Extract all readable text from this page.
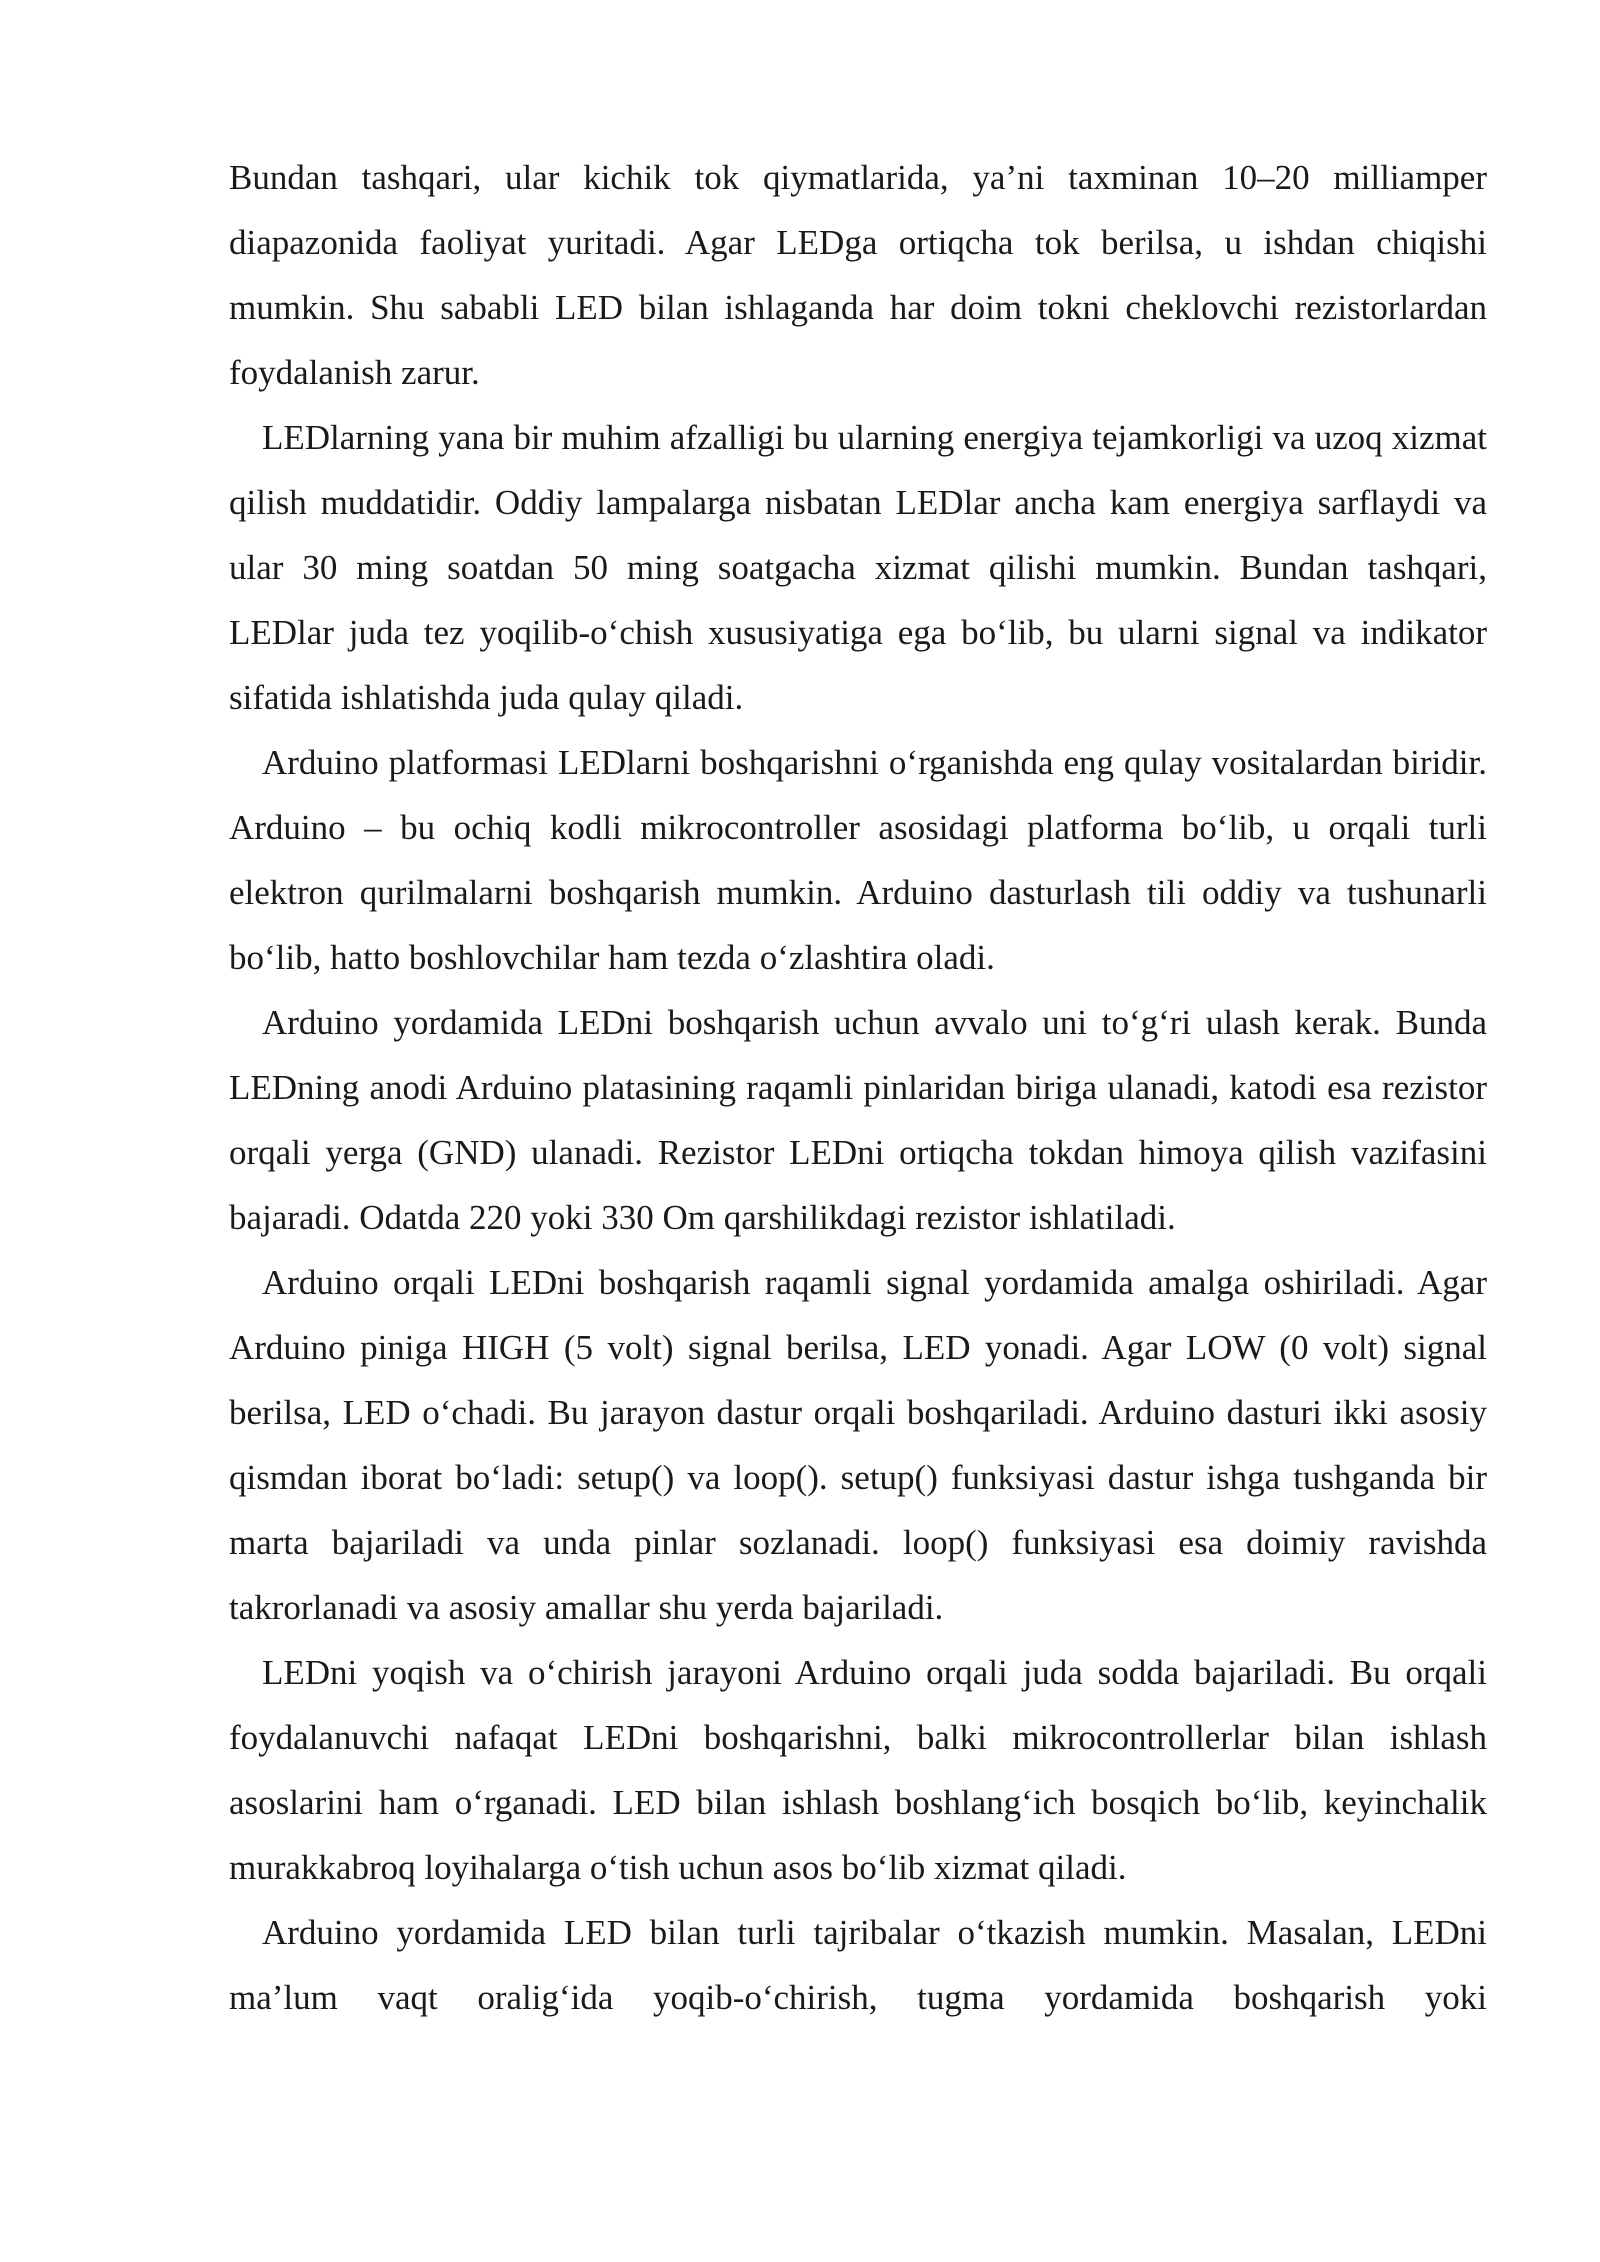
Bundan tashqari, ular kichik tok qiymatlarida, ya’ni taxminan 10–20 milliamper diapazonida faoliyat yuritadi. Agar LEDga ortiqcha tok berilsa, u ishdan chiqishi mumkin. Shu sababli LED bilan ishlaganda har doim tokni cheklovchi rezistorlardan foydalanish zarur.

LEDlarning yana bir muhim afzalligi bu ularning energiya tejamkorligi va uzoq xizmat qilish muddatidir. Oddiy lampalarga nisbatan LEDlar ancha kam energiya sarflaydi va ular 30 ming soatdan 50 ming soatgacha xizmat qilishi mumkin. Bundan tashqari, LEDlar juda tez yoqilib-o‘chish xususiyatiga ega bo‘lib, bu ularni signal va indikator sifatida ishlatishda juda qulay qiladi.

Arduino platformasi LEDlarni boshqarishni o‘rganishda eng qulay vositalardan biridir. Arduino – bu ochiq kodli mikrocontroller asosidagi platforma bo‘lib, u orqali turli elektron qurilmalarni boshqarish mumkin. Arduino dasturlash tili oddiy va tushunarli bo‘lib, hatto boshlovchilar ham tezda o‘zlashtira oladi.

Arduino yordamida LEDni boshqarish uchun avvalo uni to‘g‘ri ulash kerak. Bunda LEDning anodi Arduino platasining raqamli pinlaridan biriga ulanadi, katodi esa rezistor orqali yerga (GND) ulanadi. Rezistor LEDni ortiqcha tokdan himoya qilish vazifasini bajaradi. Odatda 220 yoki 330 Om qarshilikdagi rezistor ishlatiladi.

Arduino orqali LEDni boshqarish raqamli signal yordamida amalga oshiriladi. Agar Arduino piniga HIGH (5 volt) signal berilsa, LED yonadi. Agar LOW (0 volt) signal berilsa, LED o‘chadi. Bu jarayon dastur orqali boshqariladi. Arduino dasturi ikki asosiy qismdan iborat bo‘ladi: setup() va loop(). setup() funksiyasi dastur ishga tushganda bir marta bajariladi va unda pinlar sozlanadi. loop() funksiyasi esa doimiy ravishda takrorlanadi va asosiy amallar shu yerda bajariladi.

LEDni yoqish va o‘chirish jarayoni Arduino orqali juda sodda bajariladi. Bu orqali foydalanuvchi nafaqat LEDni boshqarishni, balki mikrocontrollerlar bilan ishlash asoslarini ham o‘rganadi. LED bilan ishlash boshlang‘ich bosqich bo‘lib, keyinchalik murakkabroq loyihalarga o‘tish uchun asos bo‘lib xizmat qiladi.

Arduino yordamida LED bilan turli tajribalar o‘tkazish mumkin. Masalan, LEDni ma’lum vaqt oralig‘ida yoqib-o‘chirish, tugma yordamida boshqarish yoki
